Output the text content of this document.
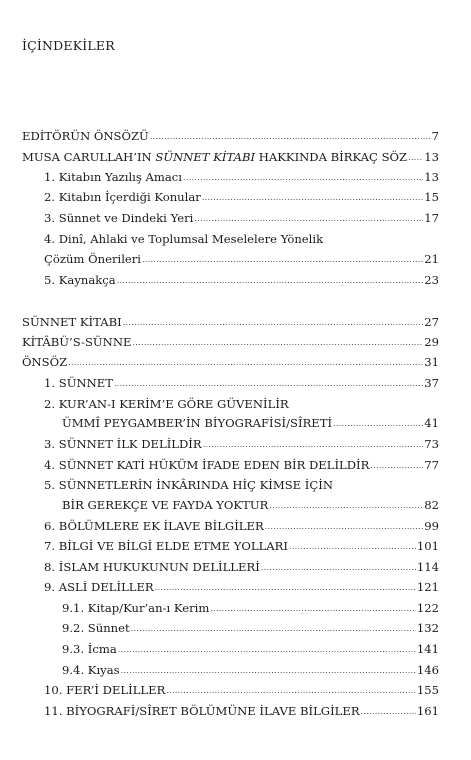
İÇİNDEKİLER
EDİTÖRÜN ÖNSÖZÜ .....	7
MUSA CARULLAH’IN SÜNNET KİTABI HAKKINDA BİRKAÇ SÖZ ..... 13
1. Kitabın Yazılış Amacı .....	13
2. Kitabın İçerdiği Konular .....	15
3. Sünnet ve Dindeki Yeri .....	17
4. Dinî, Ahlaki ve Toplumsal Meselelere Yönelik
Çözüm Önerileri .....	21
5. Kaynakça .....	23
SÜNNET KİTABI .....	27
KİTÂBÜ’S-SÜNNE .....	29
ÖNSÖZ .....	31
1. SÜNNET .....	37
2. KUR’AN-I KERİM’E GÖRE GÜVENİLİR
ÜMMÎ PEYGAMBER’İN BİYOGRAFİSİ/SÎRETİ .....	41
3. SÜNNET İLK DELİLDİR .....	73
4. SÜNNET KATİ HÜKÜM İFADE EDEN BİR DELİLDİR .....	77
5. SÜNNETLERİN İNKÂRINDA HİÇ KİMSE İÇİN
BİR GEREKÇE VE FAYDA YOKTUR .....	82
6. BÖLÜMLERE EK İLAVE BİLGİLER .....	99
7. BİLGİ VE BİLGİ ELDE ETME YOLLARI .....	101
8. İSLAM HUKUKUNUN DELİLLERİ .....	114
9. ASLİ DELİLLER .....	121
9.1. Kitap/Kur’an-ı Kerim .....	122
9.2. Sünnet .....	132
9.3. İcma .....	141
9.4. Kıyas .....	146
10. FER’İ DELİLLER .....	155
11. BİYOGRAFİ/SÎRET BÖLÜMÜNE İLAVE BİLGİLER .....	161
